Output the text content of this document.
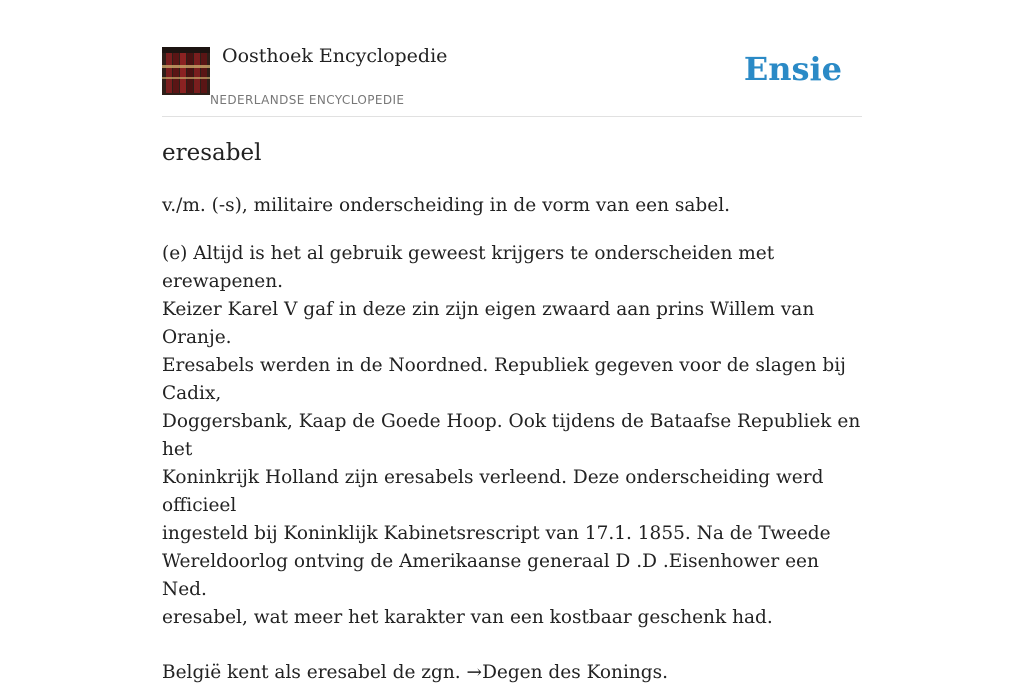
Oosthoek Encyclopedie
NEDERLANDSE ENCYCLOPEDIE
Ensie
eresabel
v./m. (-s), militaire onderscheiding in de vorm van een sabel.

(e) Altijd is het al gebruik geweest krijgers te onderscheiden met erewapenen.

Keizer Karel V gaf in deze zin zijn eigen zwaard aan prins Willem van Oranje.

Eresabels werden in de Noordned. Republiek gegeven voor de slagen bij Cadix,

Doggersbank, Kaap de Goede Hoop. Ook tijdens de Bataafse Republiek en het

Koninkrijk Holland zijn eresabels verleend. Deze onderscheiding werd officieel

ingesteld bij Koninklijk Kabinetsrescript van 17.1. 1855. Na de Tweede

Wereldoorlog ontving de Amerikaanse generaal D .D .Eisenhower een Ned.

eresabel, wat meer het karakter van een kostbaar geschenk had.

België kent als eresabel de zgn. →Degen des Konings.
